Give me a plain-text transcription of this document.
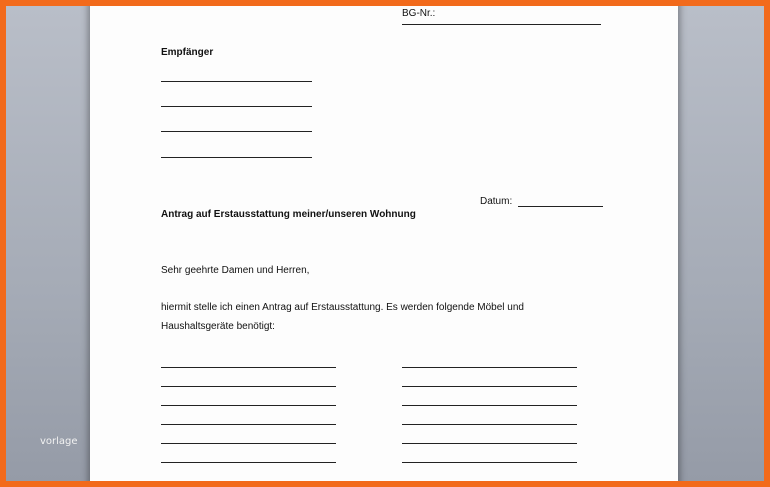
BG-Nr.:
Empfänger
Datum:
Antrag auf Erstausstattung meiner/unseren Wohnung
Sehr geehrte Damen und Herren,
hiermit stelle ich einen Antrag auf Erstausstattung. Es werden folgende Möbel und
Haushaltsgeräte benötigt:
vorlage
